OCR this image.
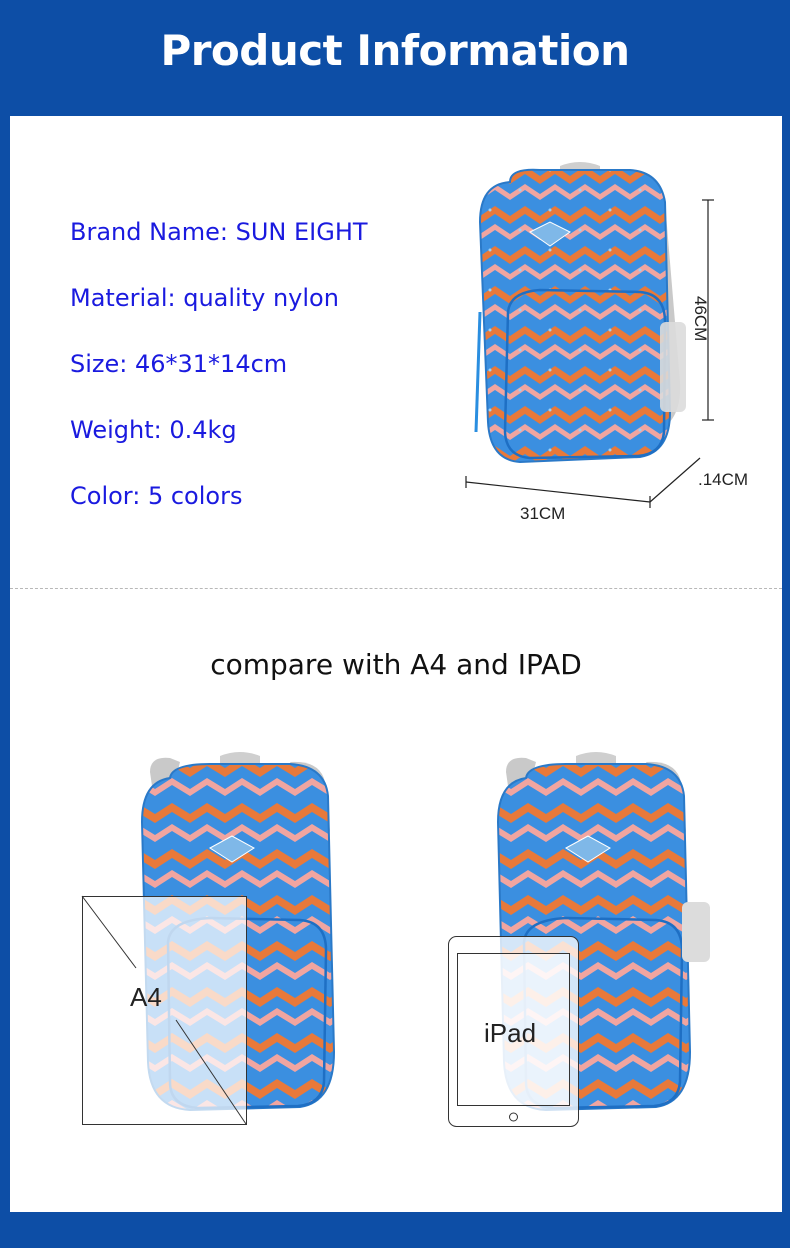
Product Information
Brand Name: SUN EIGHT
Material: quality nylon
Size: 46*31*14cm
Weight: 0.4kg
Color: 5 colors
46CM
.14CM
31CM
compare with A4 and IPAD
A4
iPad
